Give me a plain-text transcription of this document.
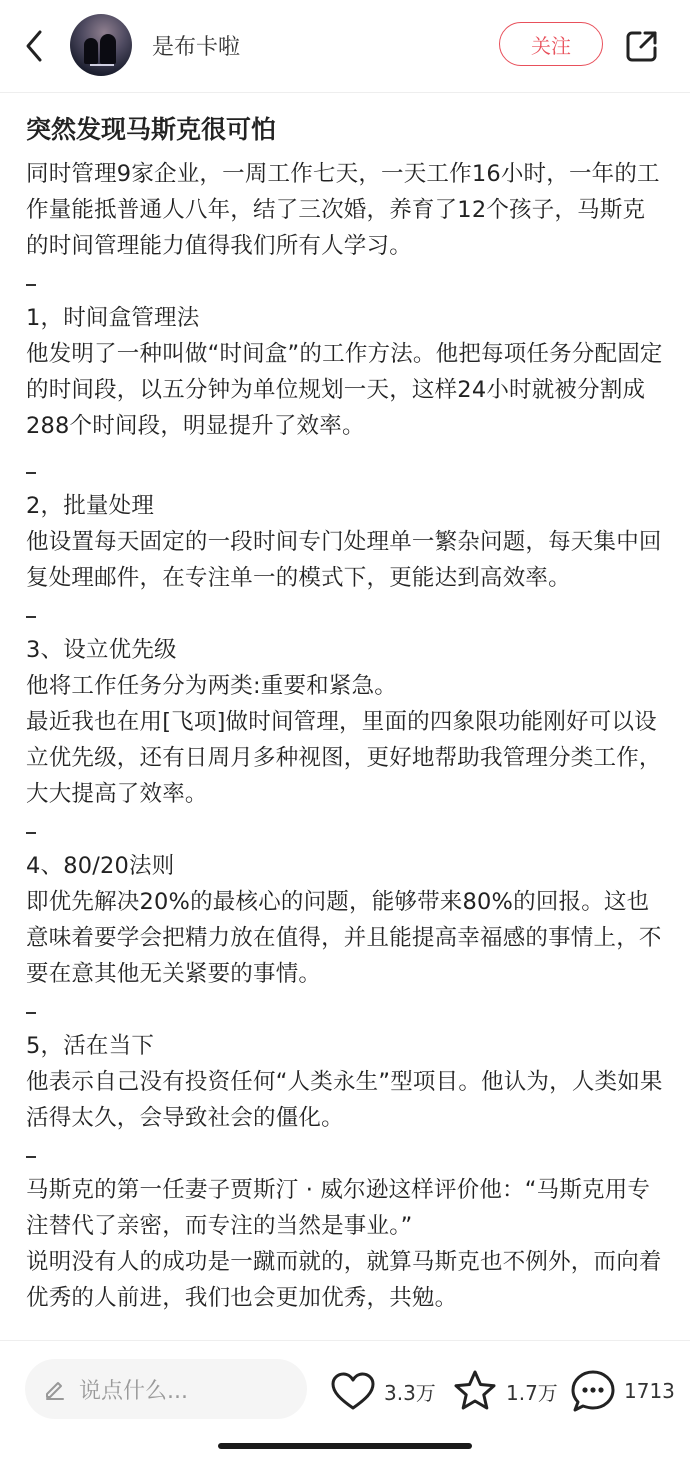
是布卡啦	关注
突然发现马斯克很可怕

同时管理9家企业，一周工作七天，一天工作16小时，一年的工作量能抵普通人八年，结了三次婚，养育了12个孩子，马斯克的时间管理能力值得我们所有人学习。

1，时间盒管理法

他发明了一种叫做“时间盒”的工作方法。他把每项任务分配固定的时间段，以五分钟为单位规划一天，这样24小时就被分割成288个时间段，明显提升了效率。

2，批量处理

他设置每天固定的一段时间专门处理单一繁杂问题，每天集中回复处理邮件，在专注单一的模式下，更能达到高效率。

3、设立优先级

他将工作任务分为两类:重要和紧急。

最近我也在用[飞项]做时间管理，里面的四象限功能刚好可以设立优先级，还有日周月多种视图，更好地帮助我管理分类工作，大大提高了效率。

4、80/20法则

即优先解决20%的最核心的问题，能够带来80%的回报。这也意味着要学会把精力放在值得，并且能提高幸福感的事情上，不要在意其他无关紧要的事情。

5，活在当下

他表示自己没有投资任何“人类永生”型项目。他认为，人类如果活得太久，会导致社会的僵化。

马斯克的第一任妻子贾斯汀 · 威尔逊这样评价他：“马斯克用专注替代了亲密，而专注的当然是事业。”

说明没有人的成功是一蹴而就的，就算马斯克也不例外，而向着优秀的人前进，我们也会更加优秀，共勉。

说点什么...	3.3万	1.7万	1713
